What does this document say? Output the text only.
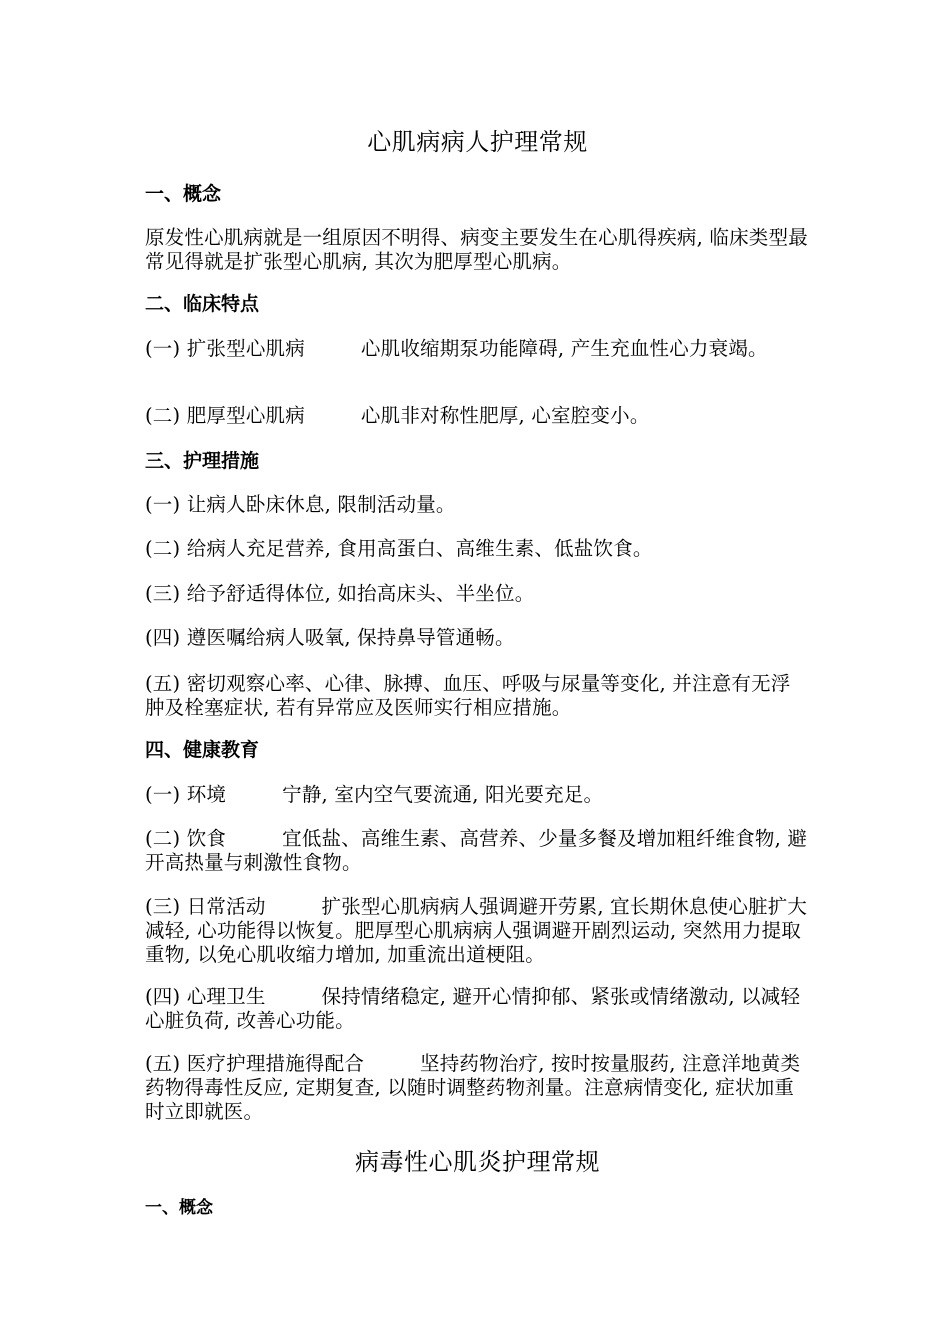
心肌病病人护理常规
一、概念
原发性心肌病就是一组原因不明得、病变主要发生在心肌得疾病, 临床类型最常见得就是扩张型心肌病, 其次为肥厚型心肌病。
二、临床特点
(一) 扩张型心肌病	心肌收缩期泵功能障碍, 产生充血性心力衰竭。
(二) 肥厚型心肌病	心肌非对称性肥厚, 心室腔变小。
三、护理措施
(一) 让病人卧床休息, 限制活动量。
(二) 给病人充足营养, 食用高蛋白、高维生素、低盐饮食。
(三) 给予舒适得体位, 如抬高床头、半坐位。
(四) 遵医嘱给病人吸氧, 保持鼻导管通畅。
(五) 密切观察心率、心律、脉搏、血压、呼吸与尿量等变化, 并注意有无浮肿及栓塞症状, 若有异常应及医师实行相应措施。
四、健康教育
(一) 环境	宁静, 室内空气要流通, 阳光要充足。
(二) 饮食	宜低盐、高维生素、高营养、少量多餐及增加粗纤维食物, 避开高热量与刺激性食物。
(三) 日常活动	扩张型心肌病病人强调避开劳累, 宜长期休息使心脏扩大减轻, 心功能得以恢复。肥厚型心肌病病人强调避开剧烈运动, 突然用力提取重物, 以免心肌收缩力增加, 加重流出道梗阻。
(四) 心理卫生	保持情绪稳定, 避开心情抑郁、紧张或情绪激动, 以减轻心脏负荷, 改善心功能。
(五) 医疗护理措施得配合	坚持药物治疗, 按时按量服药, 注意洋地黄类药物得毒性反应, 定期复查, 以随时调整药物剂量。注意病情变化, 症状加重时立即就医。
病毒性心肌炎护理常规
一、概念
